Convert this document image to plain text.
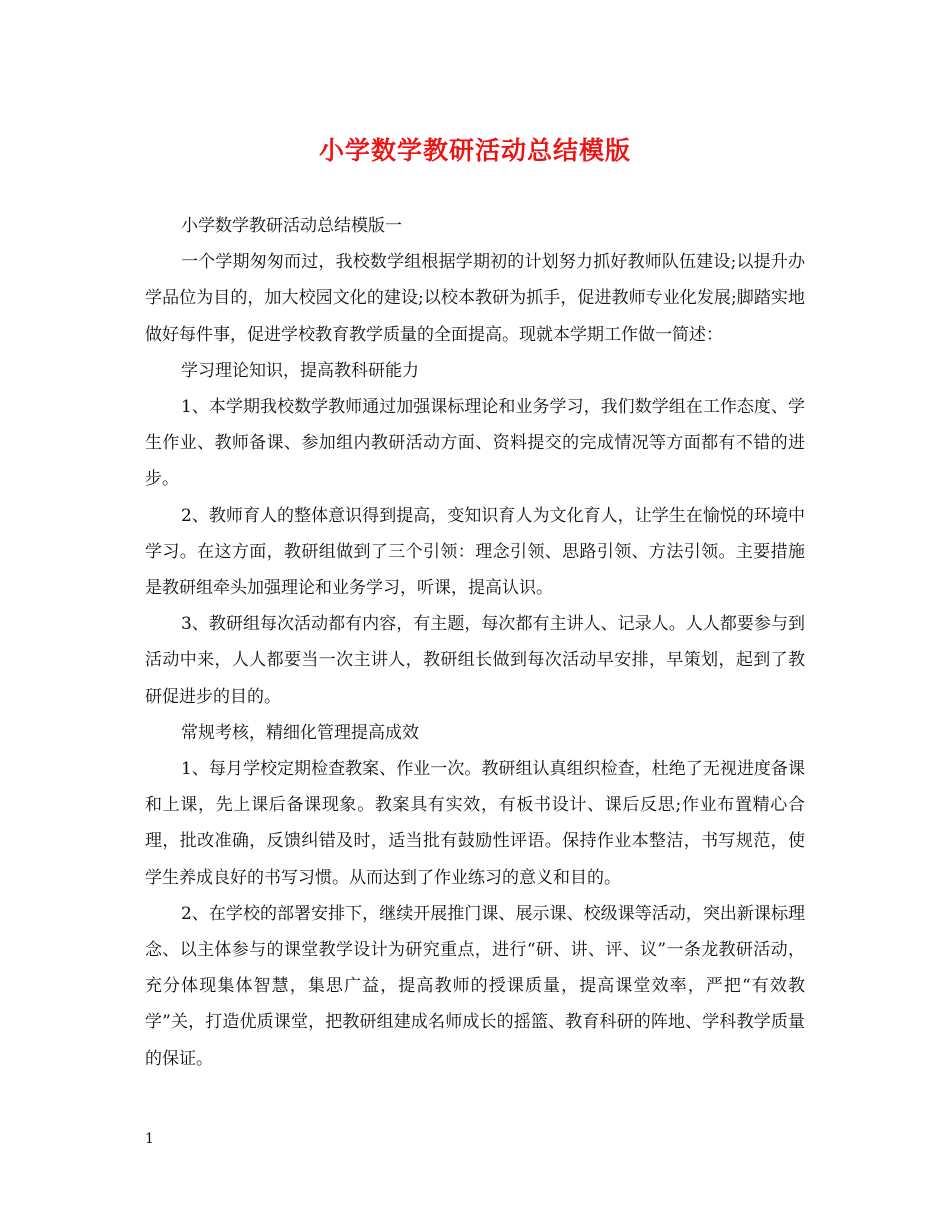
小学数学教研活动总结模版

小学数学教研活动总结模版一

一个学期匆匆而过，我校数学组根据学期初的计划努力抓好教师队伍建设;以提升办学品位为目的，加大校园文化的建设;以校本教研为抓手，促进教师专业化发展;脚踏实地做好每件事，促进学校教育教学质量的全面提高。现就本学期工作做一简述：

学习理论知识，提高教科研能力

1、本学期我校数学教师通过加强课标理论和业务学习，我们数学组在工作态度、学生作业、教师备课、参加组内教研活动方面、资料提交的完成情况等方面都有不错的进步。

2、教师育人的整体意识得到提高，变知识育人为文化育人，让学生在愉悦的环境中学习。在这方面，教研组做到了三个引领：理念引领、思路引领、方法引领。主要措施是教研组牵头加强理论和业务学习，听课，提高认识。

3、教研组每次活动都有内容，有主题，每次都有主讲人、记录人。人人都要参与到活动中来，人人都要当一次主讲人，教研组长做到每次活动早安排，早策划，起到了教研促进步的目的。

常规考核，精细化管理提高成效

1、每月学校定期检查教案、作业一次。教研组认真组织检查，杜绝了无视进度备课和上课，先上课后备课现象。教案具有实效，有板书设计、课后反思;作业布置精心合理，批改准确，反馈纠错及时，适当批有鼓励性评语。保持作业本整洁，书写规范，使学生养成良好的书写习惯。从而达到了作业练习的意义和目的。

2、在学校的部署安排下，继续开展推门课、展示课、校级课等活动，突出新课标理念、以主体参与的课堂教学设计为研究重点，进行“研、讲、评、议”一条龙教研活动，充分体现集体智慧，集思广益，提高教师的授课质量，提高课堂效率，严把“有效教学”关，打造优质课堂，把教研组建成名师成长的摇篮、教育科研的阵地、学科教学质量的保证。

1
